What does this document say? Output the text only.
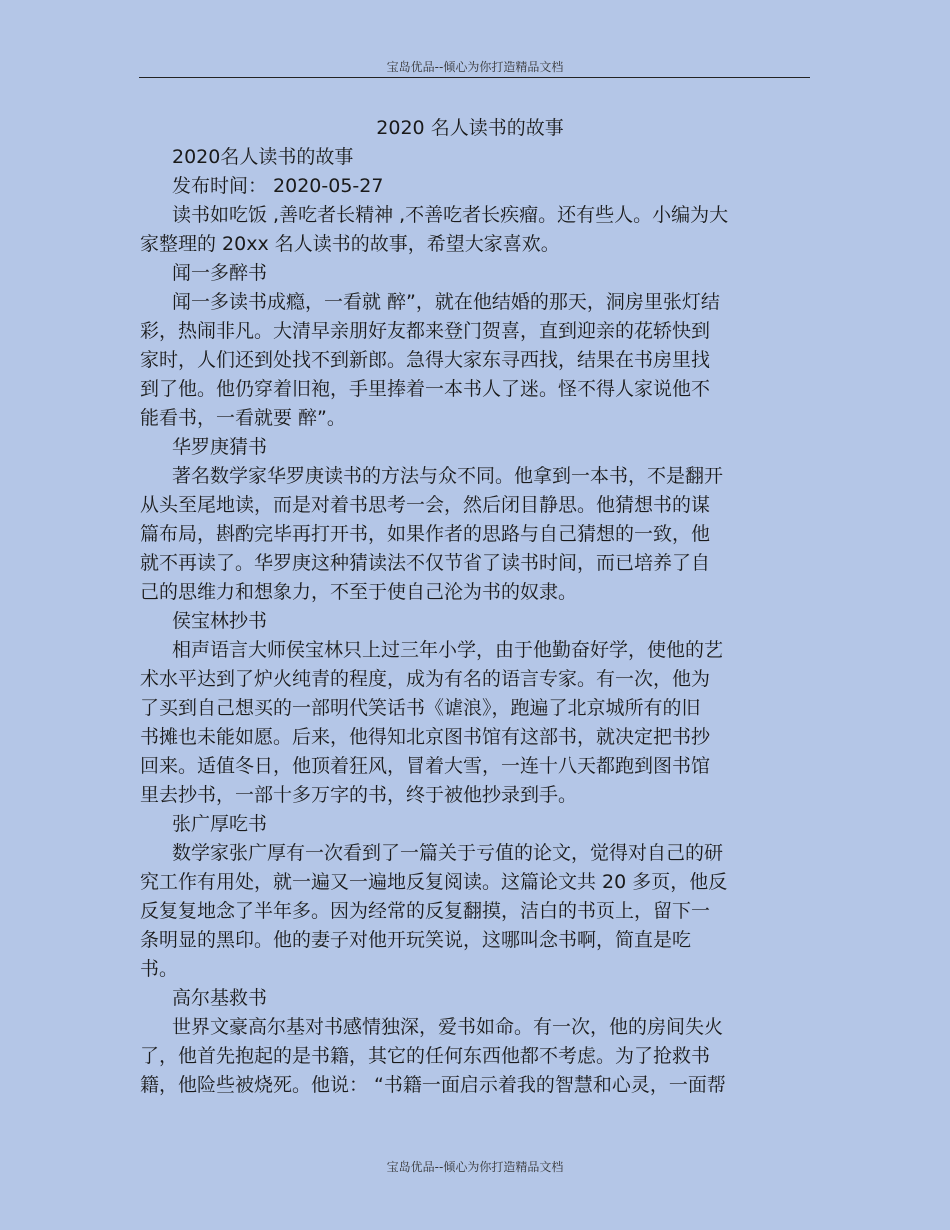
宝岛优品--倾心为你打造精品文档

2020 名人读书的故事

2020名人读书的故事

发布时间： 2020-05-27

读书如吃饭 ,善吃者长精神 ,不善吃者长疾瘤。还有些人。小编为大

家整理的 20xx 名人读书的故事，希望大家喜欢。

闻一多醉书

闻一多读书成瘾，一看就 醉”，就在他结婚的那天，洞房里张灯结

彩，热闹非凡。大清早亲朋好友都来登门贺喜，直到迎亲的花轿快到

家时，人们还到处找不到新郎。急得大家东寻西找，结果在书房里找

到了他。他仍穿着旧袍，手里捧着一本书人了迷。怪不得人家说他不

能看书，一看就要 醉”。

华罗庚猜书

著名数学家华罗庚读书的方法与众不同。他拿到一本书，不是翻开

从头至尾地读，而是对着书思考一会，然后闭目静思。他猜想书的谋

篇布局，斟酌完毕再打开书，如果作者的思路与自己猜想的一致，他

就不再读了。华罗庚这种猜读法不仅节省了读书时间，而已培养了自

己的思维力和想象力，不至于使自己沦为书的奴隶。

侯宝林抄书

相声语言大师侯宝林只上过三年小学，由于他勤奋好学，使他的艺

术水平达到了炉火纯青的程度，成为有名的语言专家。有一次，他为

了买到自己想买的一部明代笑话书《谑浪》，跑遍了北京城所有的旧

书摊也未能如愿。后来，他得知北京图书馆有这部书，就决定把书抄

回来。适值冬日，他顶着狂风，冒着大雪，一连十八天都跑到图书馆

里去抄书，一部十多万字的书，终于被他抄录到手。

张广厚吃书

数学家张广厚有一次看到了一篇关于亏值的论文，觉得对自己的研

究工作有用处，就一遍又一遍地反复阅读。这篇论文共 20 多页，他反

反复复地念了半年多。因为经常的反复翻摸，洁白的书页上，留下一

条明显的黑印。他的妻子对他开玩笑说，这哪叫念书啊，简直是吃

书。

高尔基救书

世界文豪高尔基对书感情独深，爱书如命。有一次，他的房间失火

了，他首先抱起的是书籍，其它的任何东西他都不考虑。为了抢救书

籍，他险些被烧死。他说： “书籍一面启示着我的智慧和心灵，一面帮

宝岛优品--倾心为你打造精品文档
